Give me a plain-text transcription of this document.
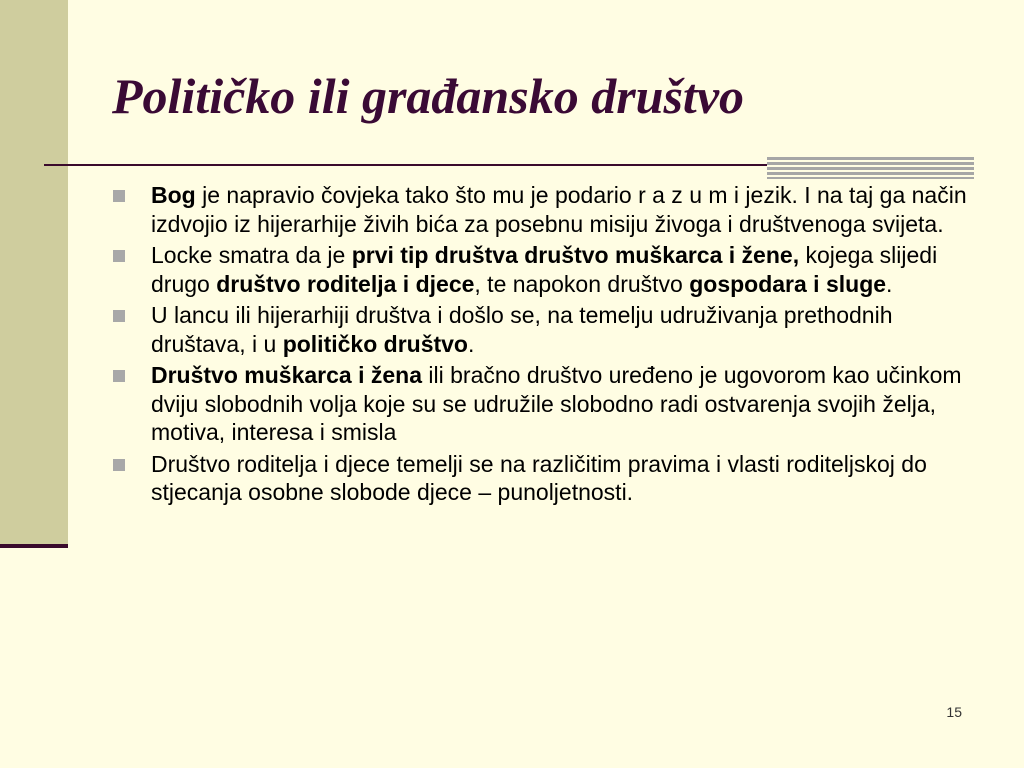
Političko ili građansko društvo
Bog je napravio čovjeka tako što mu je podario r a z u m i jezik. I na taj ga način izdvojio iz hijerarhije živih bića za posebnu misiju živoga i društvenoga svijeta.
Locke smatra da je prvi tip društva društvo muškarca i žene, kojega slijedi drugo društvo roditelja i djece, te napokon društvo gospodara i sluge.
U lancu ili hijerarhiji društva i došlo se, na temelju udruživanja prethodnih društava, i u političko društvo.
Društvo muškarca i žena ili bračno društvo uređeno je ugovorom kao učinkom dviju slobodnih volja koje su se udružile slobodno radi ostvarenja svojih želja, motiva, interesa i smisla
Društvo roditelja i djece temelji se na različitim pravima i vlasti roditeljskoj do stjecanja osobne slobode djece – punoljetnosti.
15
